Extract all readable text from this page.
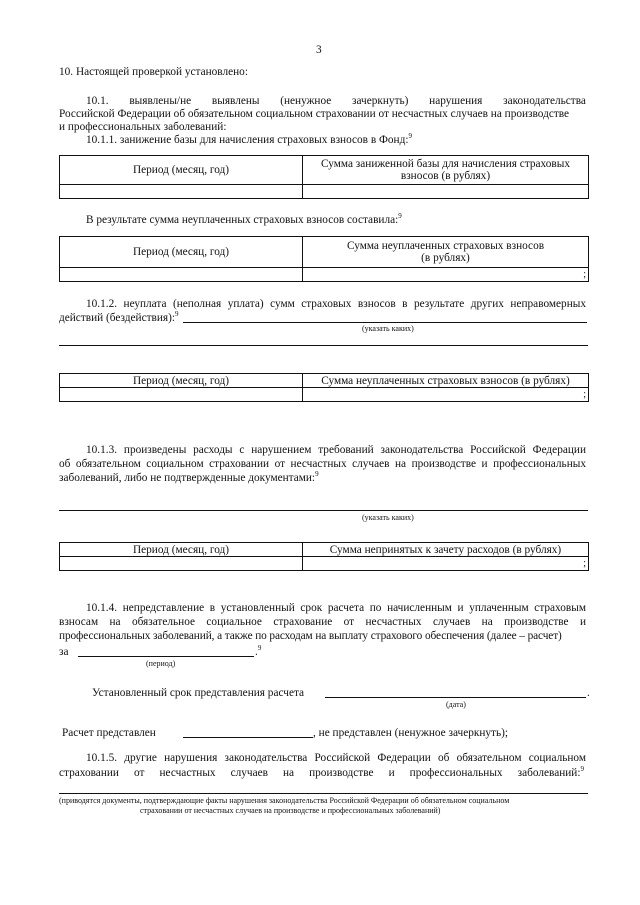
3
10. Настоящей проверкой установлено:
10.1. выявлены/не выявлены (ненужное зачеркнуть) нарушения законодательства
Российской Федерации об обязательном социальном страховании от несчастных случаев на производстве
и профессиональных заболеваний:
10.1.1. занижение базы для начисления страховых взносов в Фонд:$^9$
Период (месяц, год)	Сумма заниженной базы для начисления страховых
взносов (в рублях)

В результате сумма неуплаченных страховых взносов составила:$^9$
Период (месяц, год)	Сумма неуплаченных страховых взносов
(в рублях)

	;
10.1.2. неуплата (неполная уплата) сумм страховых взносов в результате других неправомерных
действий (бездействия):$^9$
(указать каких)
Период (месяц, год)	Сумма неуплаченных страховых взносов (в рублях)

	;
10.1.3. произведены расходы с нарушением требований законодательства Российской Федерации
об обязательном социальном страховании от несчастных случаев на производстве и профессиональных
заболеваний, либо не подтвержденные документами:$^9$
(указать каких)
Период (месяц, год)	Сумма непринятых к зачету расходов (в рублях)

	;
10.1.4. непредставление в установленный срок расчета по начисленным и уплаченным страховым
взносам на обязательное социальное страхование от несчастных случаев на производстве и
профессиональных заболеваний, а также по расходам на выплату страхового обеспечения (далее – расчет)
за	.$^9$
(период)
Установленный срок представления расчета	.
(дата)
Расчет представлен	, не представлен (ненужное зачеркнуть);
10.1.5. другие нарушения законодательства Российской Федерации об обязательном социальном
страховании от несчастных случаев на производстве и профессиональных заболеваний:$^9$
(приводятся документы, подтверждающие факты нарушения законодательства Российской Федерации об обязательном социальном
страховании от несчастных случаев на производстве и профессиональных заболеваний)
